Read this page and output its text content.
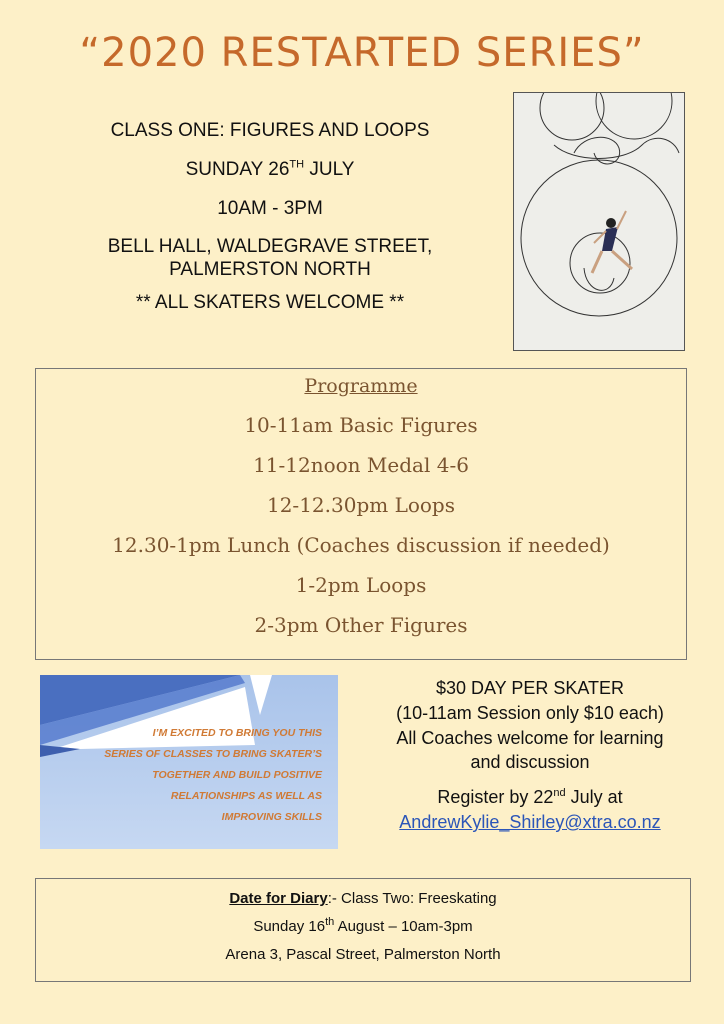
“2020 RESTARTED SERIES”
CLASS ONE: FIGURES AND LOOPS
SUNDAY 26TH JULY
10AM - 3PM
BELL HALL, WALDEGRAVE STREET,
PALMERSTON NORTH
** ALL SKATERS WELCOME **
Programme
10-11am Basic Figures
11-12noon Medal 4-6
12-12.30pm Loops
12.30-1pm Lunch (Coaches discussion if needed)
1-2pm Loops
2-3pm Other Figures
I’M EXCITED TO BRING YOU THIS
SERIES OF CLASSES TO BRING SKATER’S
TOGETHER AND BUILD POSITIVE
RELATIONSHIPS AS WELL AS
IMPROVING SKILLS
$30 DAY PER SKATER
(10-11am Session only $10 each)
All Coaches welcome for learning
and discussion
Register by 22nd July at
AndrewKylie_Shirley@xtra.co.nz
Date for Diary:- Class Two: Freeskating
Sunday 16th August – 10am-3pm
Arena 3, Pascal Street, Palmerston North
